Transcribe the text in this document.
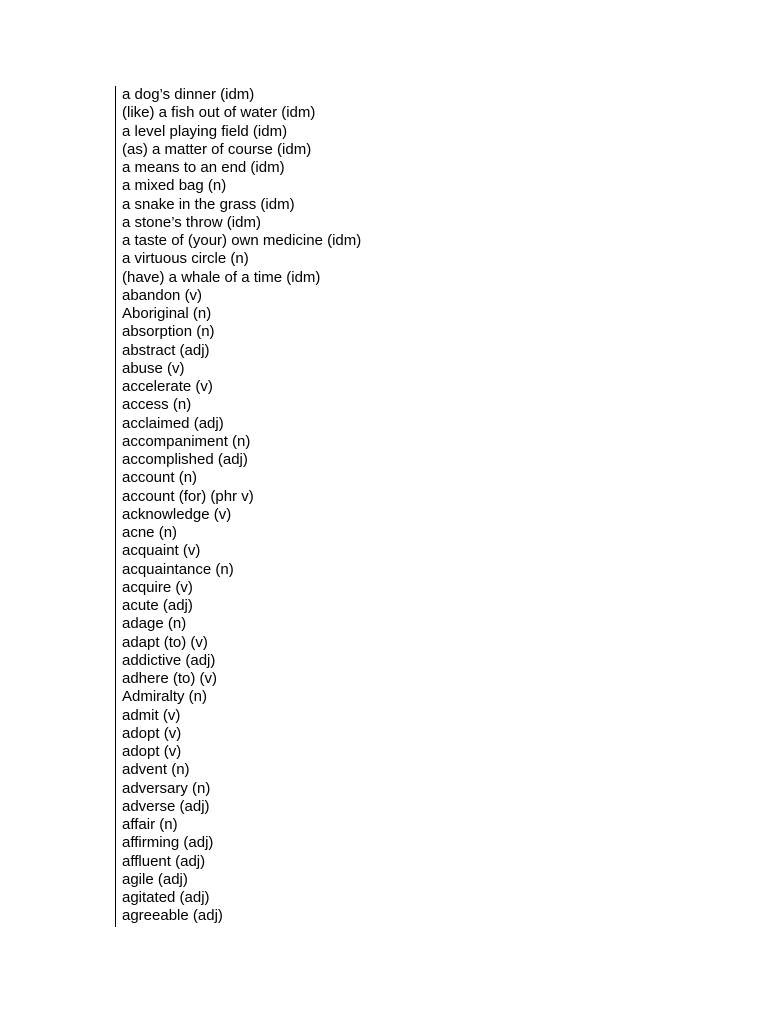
a dog’s dinner (idm)
(like) a fish out of water (idm)
a level playing field (idm)
(as) a matter of course (idm)
a means to an end (idm)
a mixed bag (n)
a snake in the grass (idm)
a stone’s throw (idm)
a taste of (your) own medicine (idm)
a virtuous circle (n)
(have) a whale of a time (idm)
abandon (v)
Aboriginal (n)
absorption (n)
abstract (adj)
abuse (v)
accelerate (v)
access (n)
acclaimed (adj)
accompaniment (n)
accomplished (adj)
account (n)
account (for) (phr v)
acknowledge (v)
acne (n)
acquaint (v)
acquaintance (n)
acquire (v)
acute (adj)
adage (n)
adapt (to) (v)
addictive (adj)
adhere (to) (v)
Admiralty (n)
admit (v)
adopt (v)
adopt (v)
advent (n)
adversary (n)
adverse (adj)
affair (n)
affirming (adj)
affluent (adj)
agile (adj)
agitated (adj)
agreeable (adj)
